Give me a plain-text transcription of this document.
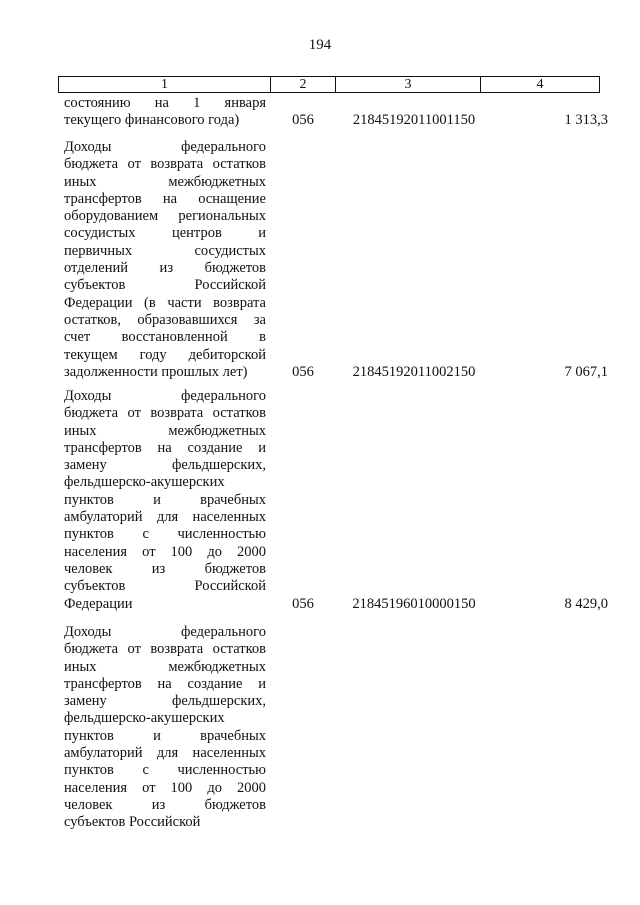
194
1	2	3	4
состоянию на 1 января
текущего финансового года)	056	21845192011001150	1 313,3
Доходы федерального
бюджета от возврата остатков
иных межбюджетных
трансфертов на оснащение
оборудованием региональных
сосудистых центров и
первичных сосудистых
отделений из бюджетов
субъектов Российской
Федерации (в части возврата
остатков, образовавшихся за
счет восстановленной в
текущем году дебиторской
задолженности прошлых лет)	056	21845192011002150	7 067,1
Доходы федерального
бюджета от возврата остатков
иных межбюджетных
трансфертов на создание и
замену фельдшерских,
фельдшерско-акушерских
пунктов и врачебных
амбулаторий для населенных
пунктов с численностью
населения от 100 до 2000
человек из бюджетов
субъектов Российской
Федерации	056	21845196010000150	8 429,0
Доходы федерального
бюджета от возврата остатков
иных межбюджетных
трансфертов на создание и
замену фельдшерских,
фельдшерско-акушерских
пунктов и врачебных
амбулаторий для населенных
пунктов с численностью
населения от 100 до 2000
человек из бюджетов
субъектов Российской
